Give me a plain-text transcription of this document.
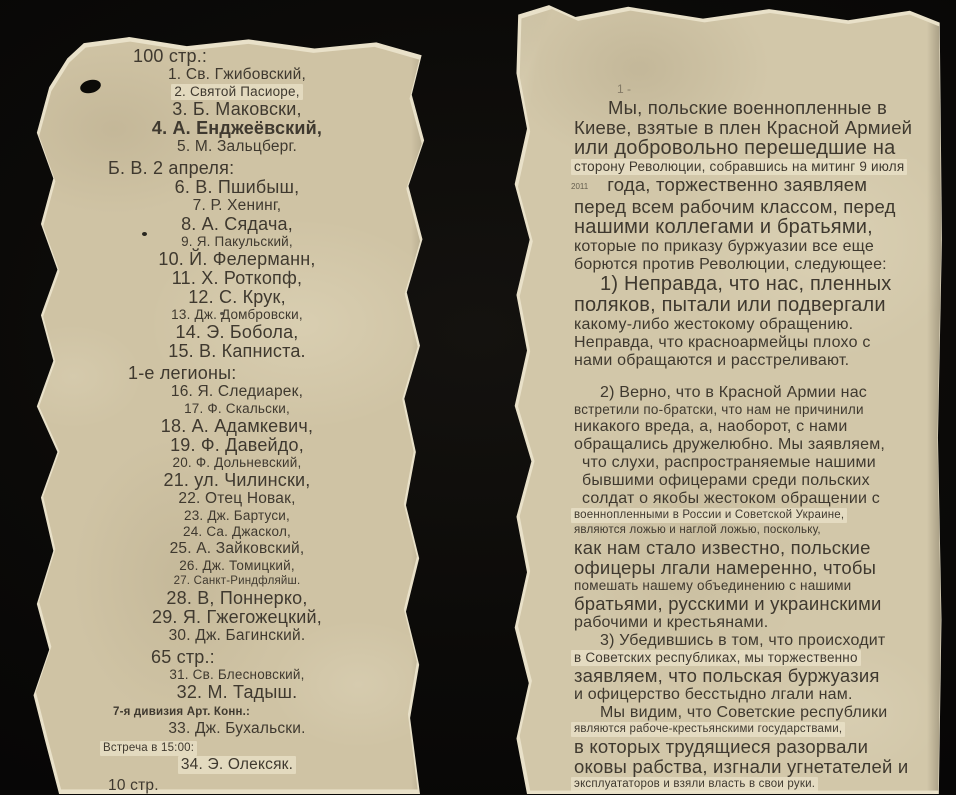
100 стр.:
1. Св. Гжибовский,
2. Святой Пасиоре,
3. Б. Маковски,
4. А. Енджеёвский,
5. М. Зальцберг.
Б. В. 2 апреля:
6. В. Пшибыш,
7. Р. Хенинг,
8. А. Сядача,
9. Я. Пакульский,
10. Й. Фелерманн,
11. Х. Роткопф,
12. С. Крук,
13. Дж. Домбровски,
14. Э. Бобола,
15. В. Капниста.
1-е легионы:
16. Я. Следиарек,
17. Ф. Скальски,
18. А. Адамкевич,
19. Ф. Давейдо,
20. Ф. Дольневский,
21. ул. Чилински,
22. Отец Новак,
23. Дж. Бартуси,
24. Са. Джаскол,
25. А. Зайковский,
26. Дж. Томицкий,
27. Санкт-Риндфляйш.
28. В, Поннерко,
29. Я. Гжегожецкий,
30. Дж. Багинский.
65 стр.:
31. Св. Блесновский,
32. М. Тадыш.
7-я дивизия Арт. Конн.:
33. Дж. Бухальски.
Встреча в 15:00:
34. Э. Олексяк.
10 стр.
1 -
Мы, польские военнопленные в
Киеве, взятые в плен Красной Армией
или добровольно перешедшие на
сторону Революции, собравшись на митинг 9 июля
2011 года, торжественно заявляем
перед всем рабочим классом, перед
нашими коллегами и братьями,
которые по приказу буржуазии все еще
борются против Революции, следующее:
1) Неправда, что нас, пленных
поляков, пытали или подвергали
какому-либо жестокому обращению.
Неправда, что красноармейцы плохо с
нами обращаются и расстреливают.
2) Верно, что в Красной Армии нас
встретили по-братски, что нам не причинили
никакого вреда, а, наоборот, с нами
обращались дружелюбно. Мы заявляем,
что слухи, распространяемые нашими
бывшими офицерами среди польских
солдат о якобы жестоком обращении с
военнопленными в России и Советской Украине,
являются ложью и наглой ложью, поскольку,
как нам стало известно, польские
офицеры лгали намеренно, чтобы
помешать нашему объединению с нашими
братьями, русскими и украинскими
рабочими и крестьянами.
3) Убедившись в том, что происходит
в Советских республиках, мы торжественно
заявляем, что польская буржуазия
и офицерство бесстыдно лгали нам.
Мы видим, что Советские республики
являются рабоче-крестьянскими государствами,
в которых трудящиеся разорвали
оковы рабства, изгнали угнетателей и
эксплуататоров и взяли власть в свои руки.
